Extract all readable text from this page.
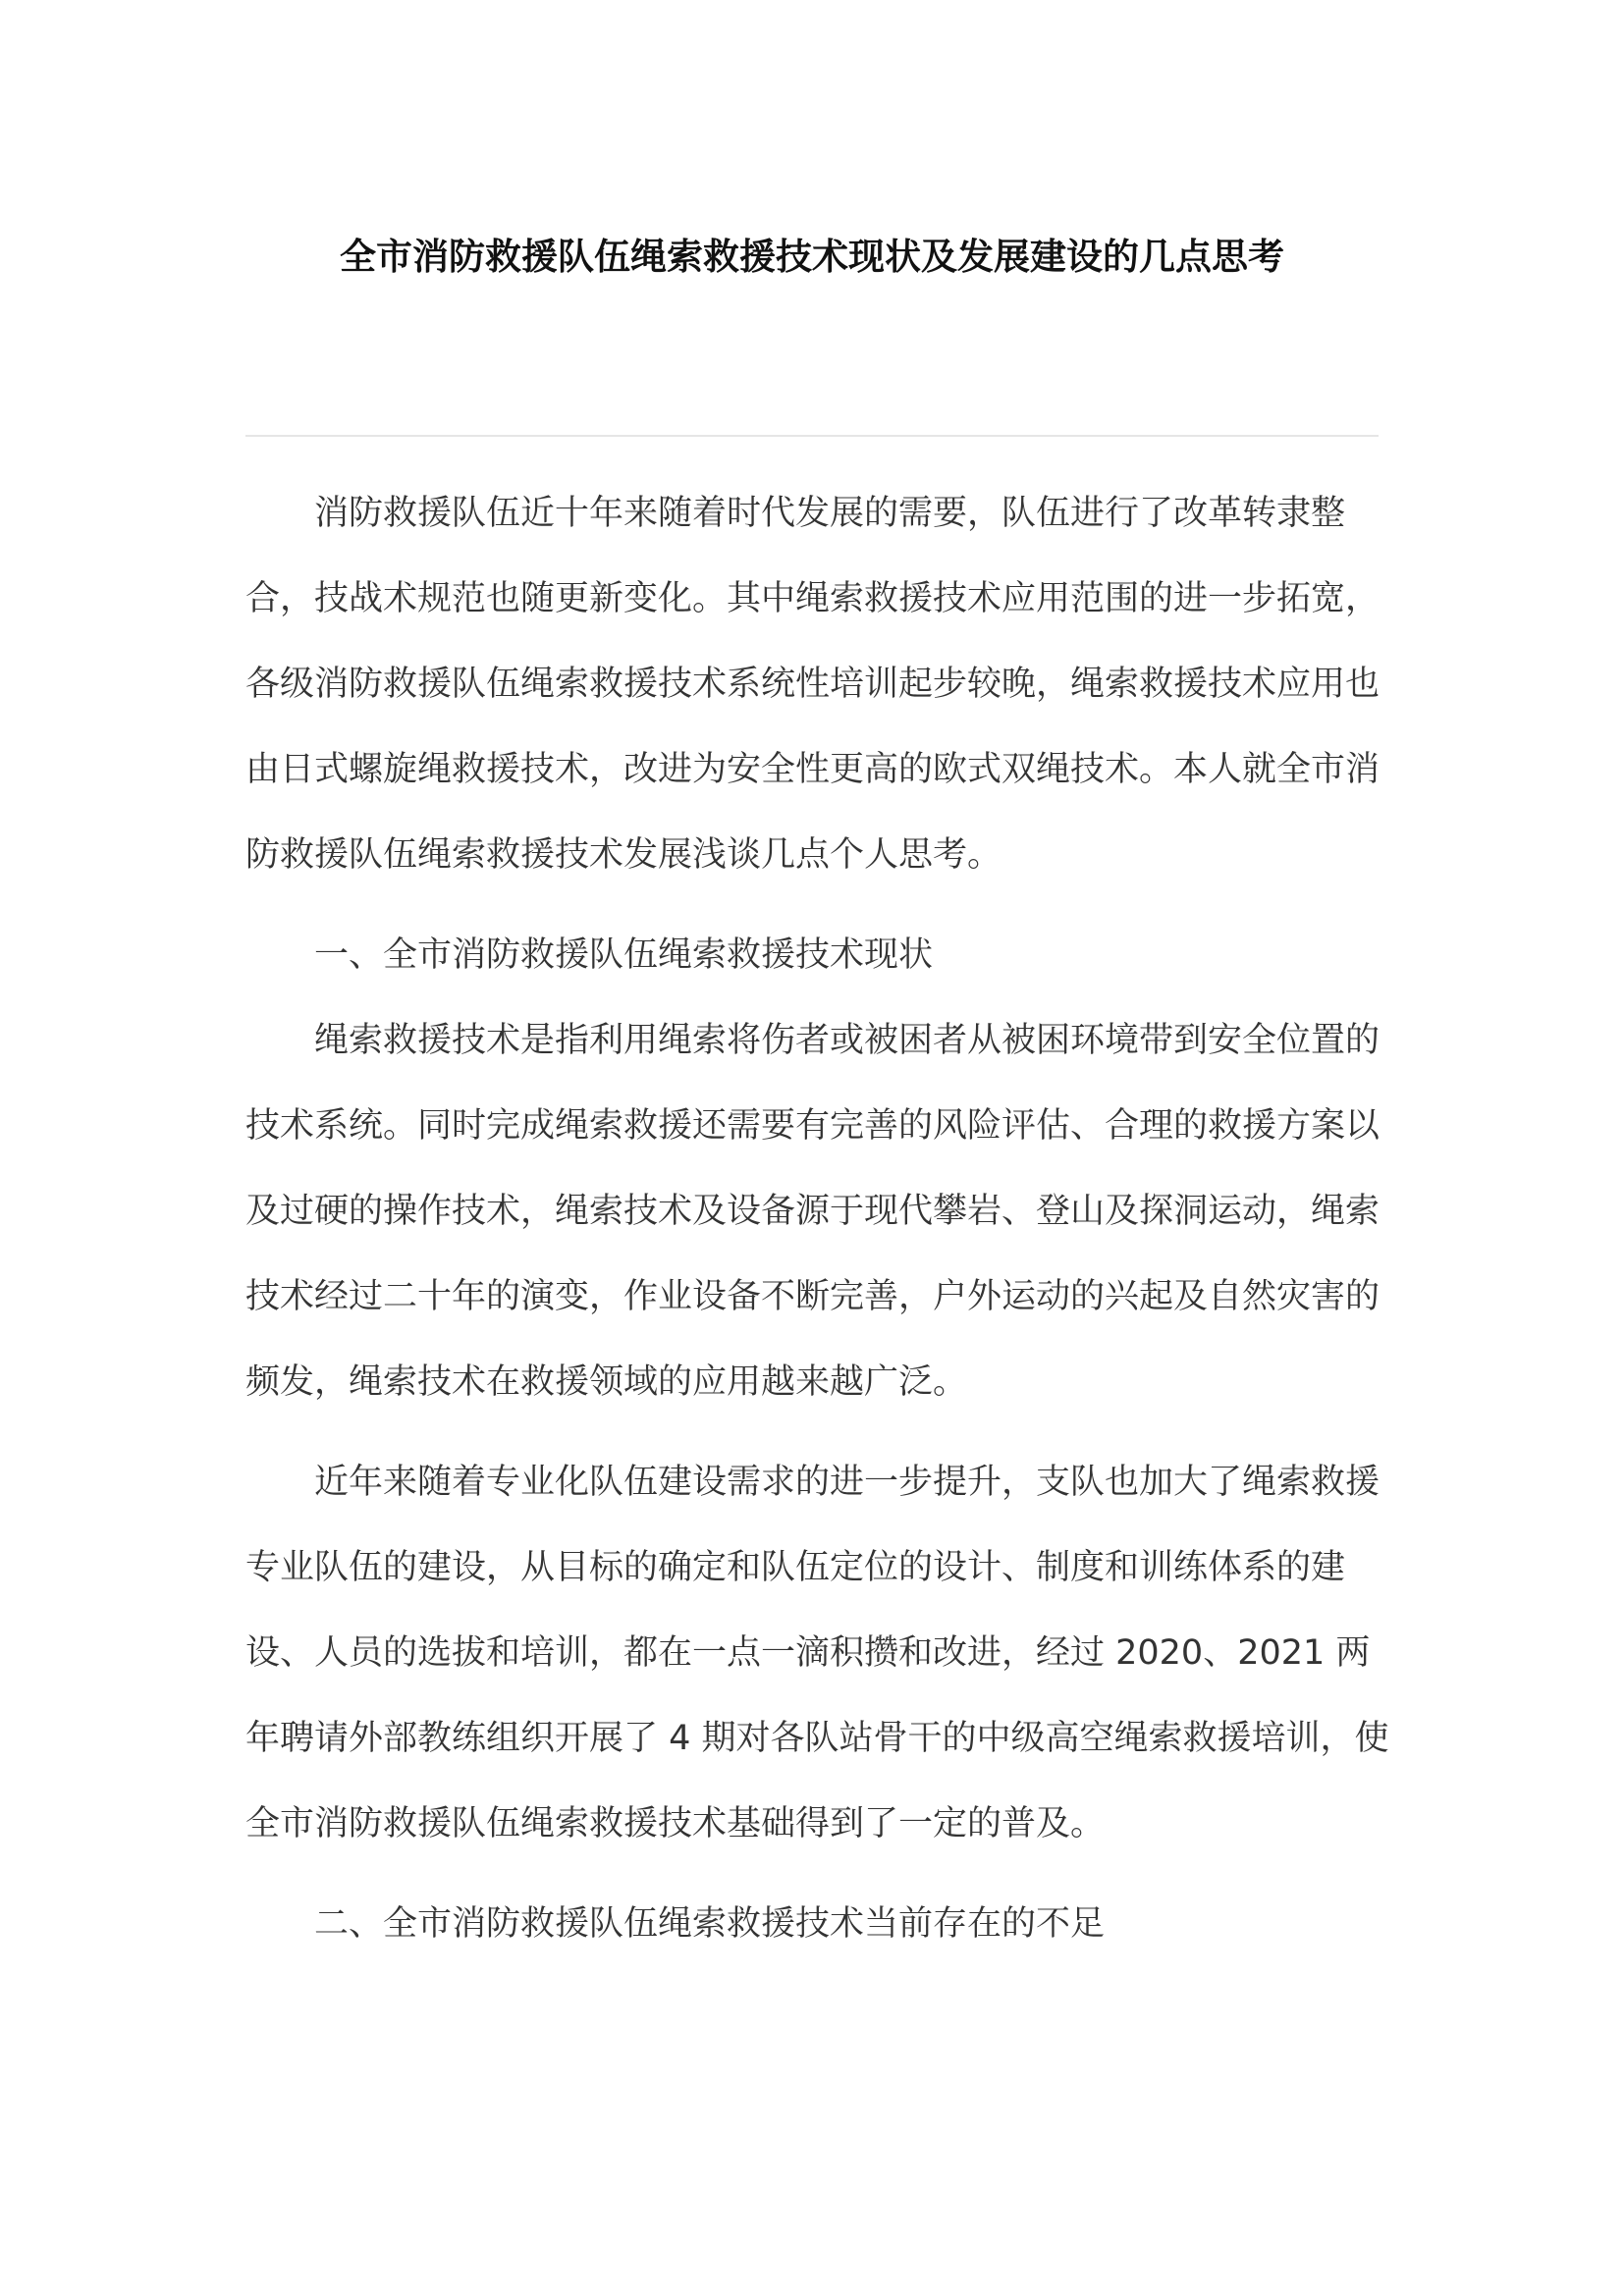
全市消防救援队伍绳索救援技术现状及发展建设的几点思考

消防救援队伍近十年来随着时代发展的需要，队伍进行了改革转隶整合，技战术规范也随更新变化。其中绳索救援技术应用范围的进一步拓宽，各级消防救援队伍绳索救援技术系统性培训起步较晚，绳索救援技术应用也由日式螺旋绳救援技术，改进为安全性更高的欧式双绳技术。本人就全市消防救援队伍绳索救援技术发展浅谈几点个人思考。

一、全市消防救援队伍绳索救援技术现状

绳索救援技术是指利用绳索将伤者或被困者从被困环境带到安全位置的技术系统。同时完成绳索救援还需要有完善的风险评估、合理的救援方案以及过硬的操作技术，绳索技术及设备源于现代攀岩、登山及探洞运动，绳索技术经过二十年的演变，作业设备不断完善，户外运动的兴起及自然灾害的频发，绳索技术在救援领域的应用越来越广泛。

近年来随着专业化队伍建设需求的进一步提升，支队也加大了绳索救援专业队伍的建设，从目标的确定和队伍定位的设计、制度和训练体系的建设、人员的选拔和培训，都在一点一滴积攒和改进，经过 2020、2021 两年聘请外部教练组织开展了 4 期对各队站骨干的中级高空绳索救援培训，使全市消防救援队伍绳索救援技术基础得到了一定的普及。

二、全市消防救援队伍绳索救援技术当前存在的不足
